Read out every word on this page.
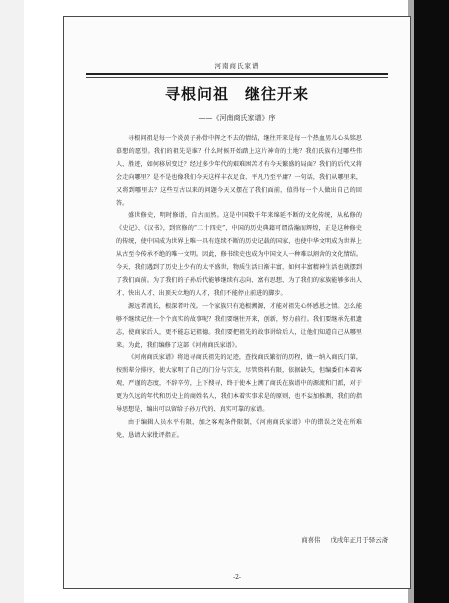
河南商氏家谱
寻根问祖　继往开来
——《河南商氏家谱》序

寻根问祖是每一个炎黄子孙骨中挥之不去的情结，继往开来是每一个热血男儿心头铭思慕想的愿望。我们的祖先是谁？什么时候开始踏上这片神奇的土地？我们氏族有过哪些伟人、胜迹，如何移居变迁？经过多少年代的艰难困苦才有今天繁盛的局面？我们的后代又将会走向哪里？是不是也像我们今天这样丰衣足食、平凡乃至平庸？一句话，我们从哪里来，又将到哪里去？这些互古以来的问题今天又摆在了我们面前，值得每一个人做出自己的回答。

盛世修史，明时修谱，自古而然。这是中国数千年来绵延不断的文化传统，从私修的《史记》、《汉书》，到官修的“二十四史”，中国的历史典籍可谓浩瀚而辉煌，正是这种修史的传统，使中国成为世界上唯一具有连续不断的历史记载的国家，也使中华文明成为世界上从古至今传承不绝的唯一文明。因此，修书续史也成为中国文人一种难以割舍的文化情结。今天，我们遇到了历史上少有的太平盛世，物质生活日渐丰富，如何丰富精神生活也就摆到了我们面前。为了我们的子孙后代能够继续有志向、富有思想，为了我们的家族能够多出人才、快出人才、出顶天立地的人才，我们不能停止前进的脚步。

源远者流长，根深者叶茂。一个家族只有追根溯源，才能对祖先心怀感恩之情。怎么能够不继续记住一个个真实的故事呢？我们要继往开来，创新，努力前行。我们要继承先祖遗志，使商家后人，更不能忘记祖德。我们要把祖先的故事讲给后人，让他们知道自己从哪里来。为此，我们编修了这部《河南商氏家谱》。

《河南商氏家谱》将追寻商氏祖先的足迹，查找商氏繁衍的历程，做一纳入商氏门第，按照辈分排序，使大家明了自己的门分与宗支，尽管资料有限，依据缺失，但编委们本着客观、严谨的态度，不辞辛劳，上下搜寻，终于使本上溯了商氏在族谱中的源流和门派，对于更为久远的年代和历史上的商姓名人，我们本着实事求是的原则，也不妄加推测，我们的指导思想是，编出可以留给子孙万代的、真实可靠的家谱。

由于编辑人员水平有限，加之客观条件限制，《河南商氏家谱》中的错误之处在所难免，恳请大家批评指正。

商喜伟 戊戌年正月于驿云斋
-2-
